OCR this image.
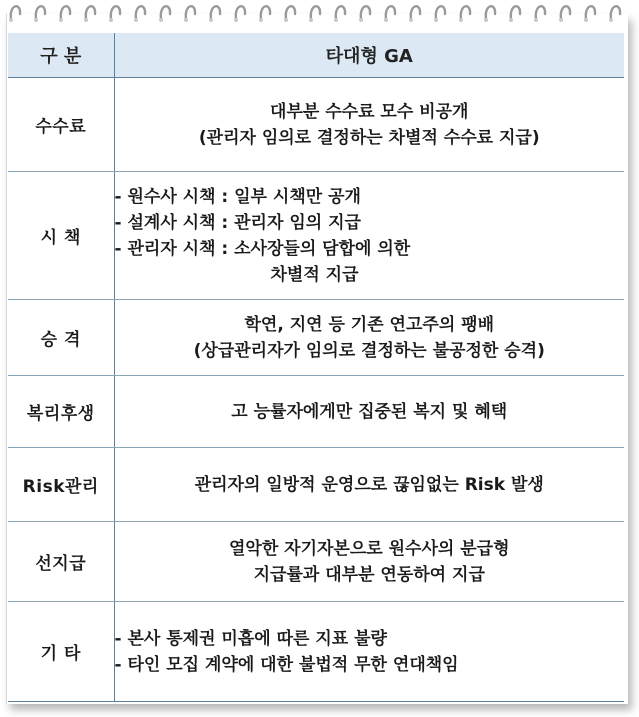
구 분	타대형 GA
수수료	대부분 수수료 모수 비공개
(관리자 임의로 결정하는 차별적 수수료 지급)

시 책	- 원수사 시책 : 일부 시책만 공개
- 설계사 시책 : 관리자 임의 지급
- 관리자 시책 : 소사장들의 담합에 의한
차별적 지급

승 격	학연, 지연 등 기존 연고주의 팽배
(상급관리자가 임의로 결정하는 불공정한 승격)

복리후생	고 능률자에게만 집중된 복지 및 혜택

Risk관리	관리자의 일방적 운영으로 끊임없는 Risk 발생

선지급	열악한 자기자본으로 원수사의 분급형
지급률과 대부분 연동하여 지급

기 타	- 본사 통제권 미흡에 따른 지표 불량
- 타인 모집 계약에 대한 불법적 무한 연대책임
